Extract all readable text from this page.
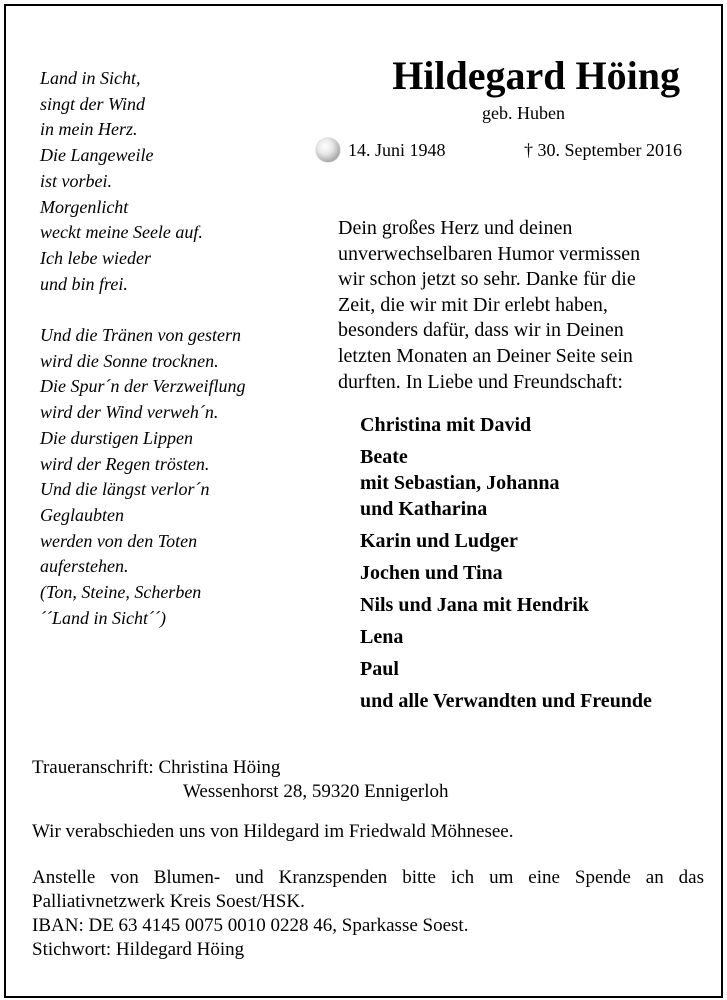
Land in Sicht,
singt der Wind
in mein Herz.
Die Langeweile
ist vorbei.
Morgenlicht
weckt meine Seele auf.
Ich lebe wieder
und bin frei.
Und die Tränen von gestern
wird die Sonne trocknen.
Die Spur´n der Verzweiflung
wird der Wind verweh´n.
Die durstigen Lippen
wird der Regen trösten.
Und die längst verlor´n
Geglaubten
werden von den Toten
auferstehen.
(Ton, Steine, Scherben
´´Land in Sicht´´)
Hildegard Höing
geb. Huben
14. Juni 1948	† 30. September 2016
Dein großes Herz und deinen
unverwechselbaren Humor vermissen
wir schon jetzt so sehr. Danke für die
Zeit, die wir mit Dir erlebt haben,
besonders dafür, dass wir in Deinen
letzten Monaten an Deiner Seite sein
durften. In Liebe und Freundschaft:
Christina mit David
Beate
mit Sebastian, Johanna
und Katharina
Karin und Ludger
Jochen und Tina
Nils und Jana mit Hendrik
Lena
Paul
und alle Verwandten und Freunde
Traueranschrift: Christina Höing
Wessenhorst 28, 59320 Ennigerloh
Wir verabschieden uns von Hildegard im Friedwald Möhnesee.
Anstelle von Blumen- und Kranzspenden bitte ich um eine Spende an das
Palliativnetzwerk Kreis Soest/HSK.
IBAN: DE 63 4145 0075 0010 0228 46, Sparkasse Soest.
Stichwort: Hildegard Höing
